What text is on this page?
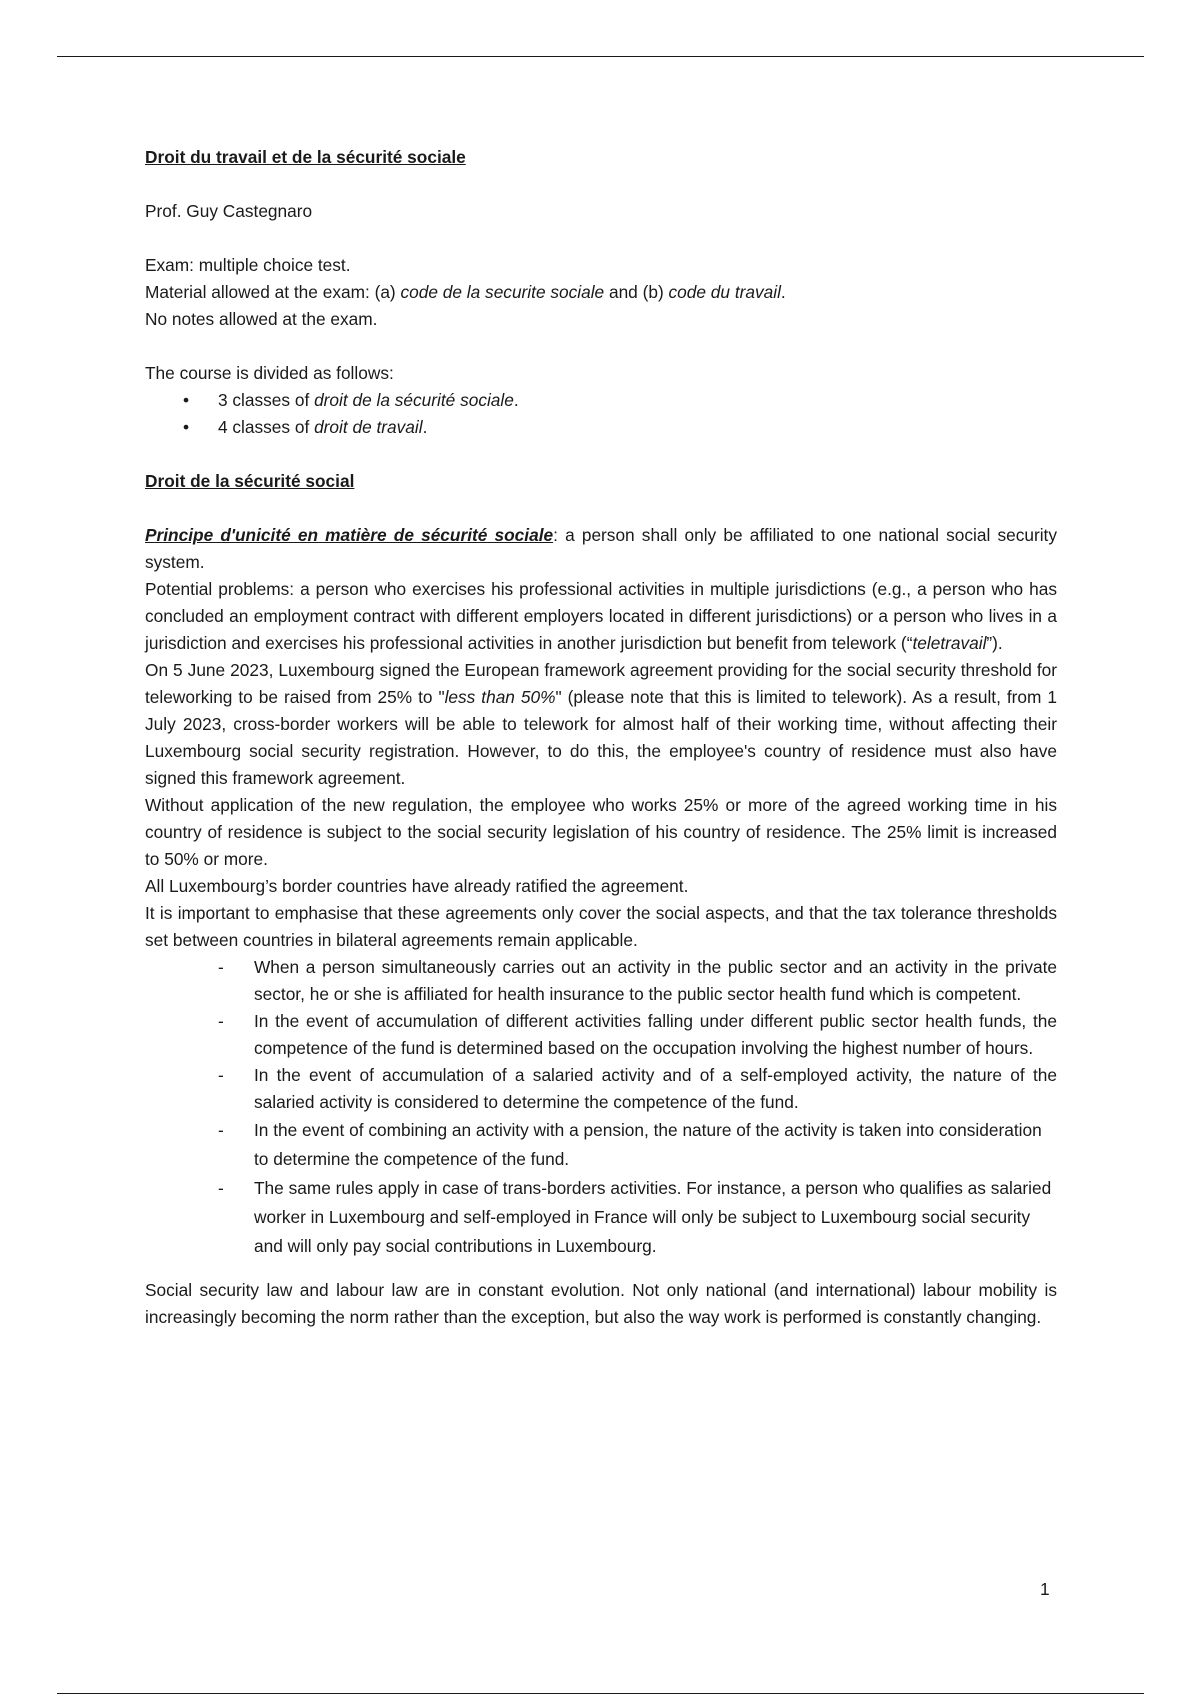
Droit du travail et de la sécurité sociale

Prof. Guy Castegnaro

Exam: multiple choice test.

Material allowed at the exam: (a) code de la securite sociale and (b) code du travail.

No notes allowed at the exam.

The course is divided as follows:

• 3 classes of droit de la sécurité sociale.
• 4 classes of droit de travail.

Droit de la sécurité social

Principe d'unicité en matière de sécurité sociale: a person shall only be affiliated to one national social security system.

Potential problems: a person who exercises his professional activities in multiple jurisdictions (e.g., a person who has concluded an employment contract with different employers located in different jurisdictions) or a person who lives in a jurisdiction and exercises his professional activities in another jurisdiction but benefit from telework (“teletravail”).

On 5 June 2023, Luxembourg signed the European framework agreement providing for the social security threshold for teleworking to be raised from 25% to "less than 50%" (please note that this is limited to telework). As a result, from 1 July 2023, cross-border workers will be able to telework for almost half of their working time, without affecting their Luxembourg social security registration. However, to do this, the employee's country of residence must also have signed this framework agreement.

Without application of the new regulation, the employee who works 25% or more of the agreed working time in his country of residence is subject to the social security legislation of his country of residence. The 25% limit is increased to 50% or more.

All Luxembourg’s border countries have already ratified the agreement.

It is important to emphasise that these agreements only cover the social aspects, and that the tax tolerance thresholds set between countries in bilateral agreements remain applicable.

- When a person simultaneously carries out an activity in the public sector and an activity in the private sector, he or she is affiliated for health insurance to the public sector health fund which is competent.
- In the event of accumulation of different activities falling under different public sector health funds, the competence of the fund is determined based on the occupation involving the highest number of hours.
- In the event of accumulation of a salaried activity and of a self-employed activity, the nature of the salaried activity is considered to determine the competence of the fund.
- In the event of combining an activity with a pension, the nature of the activity is taken into consideration to determine the competence of the fund.
- The same rules apply in case of trans-borders activities. For instance, a person who qualifies as salaried worker in Luxembourg and self-employed in France will only be subject to Luxembourg social security and will only pay social contributions in Luxembourg.

Social security law and labour law are in constant evolution. Not only national (and international) labour mobility is increasingly becoming the norm rather than the exception, but also the way work is performed is constantly changing.

1
